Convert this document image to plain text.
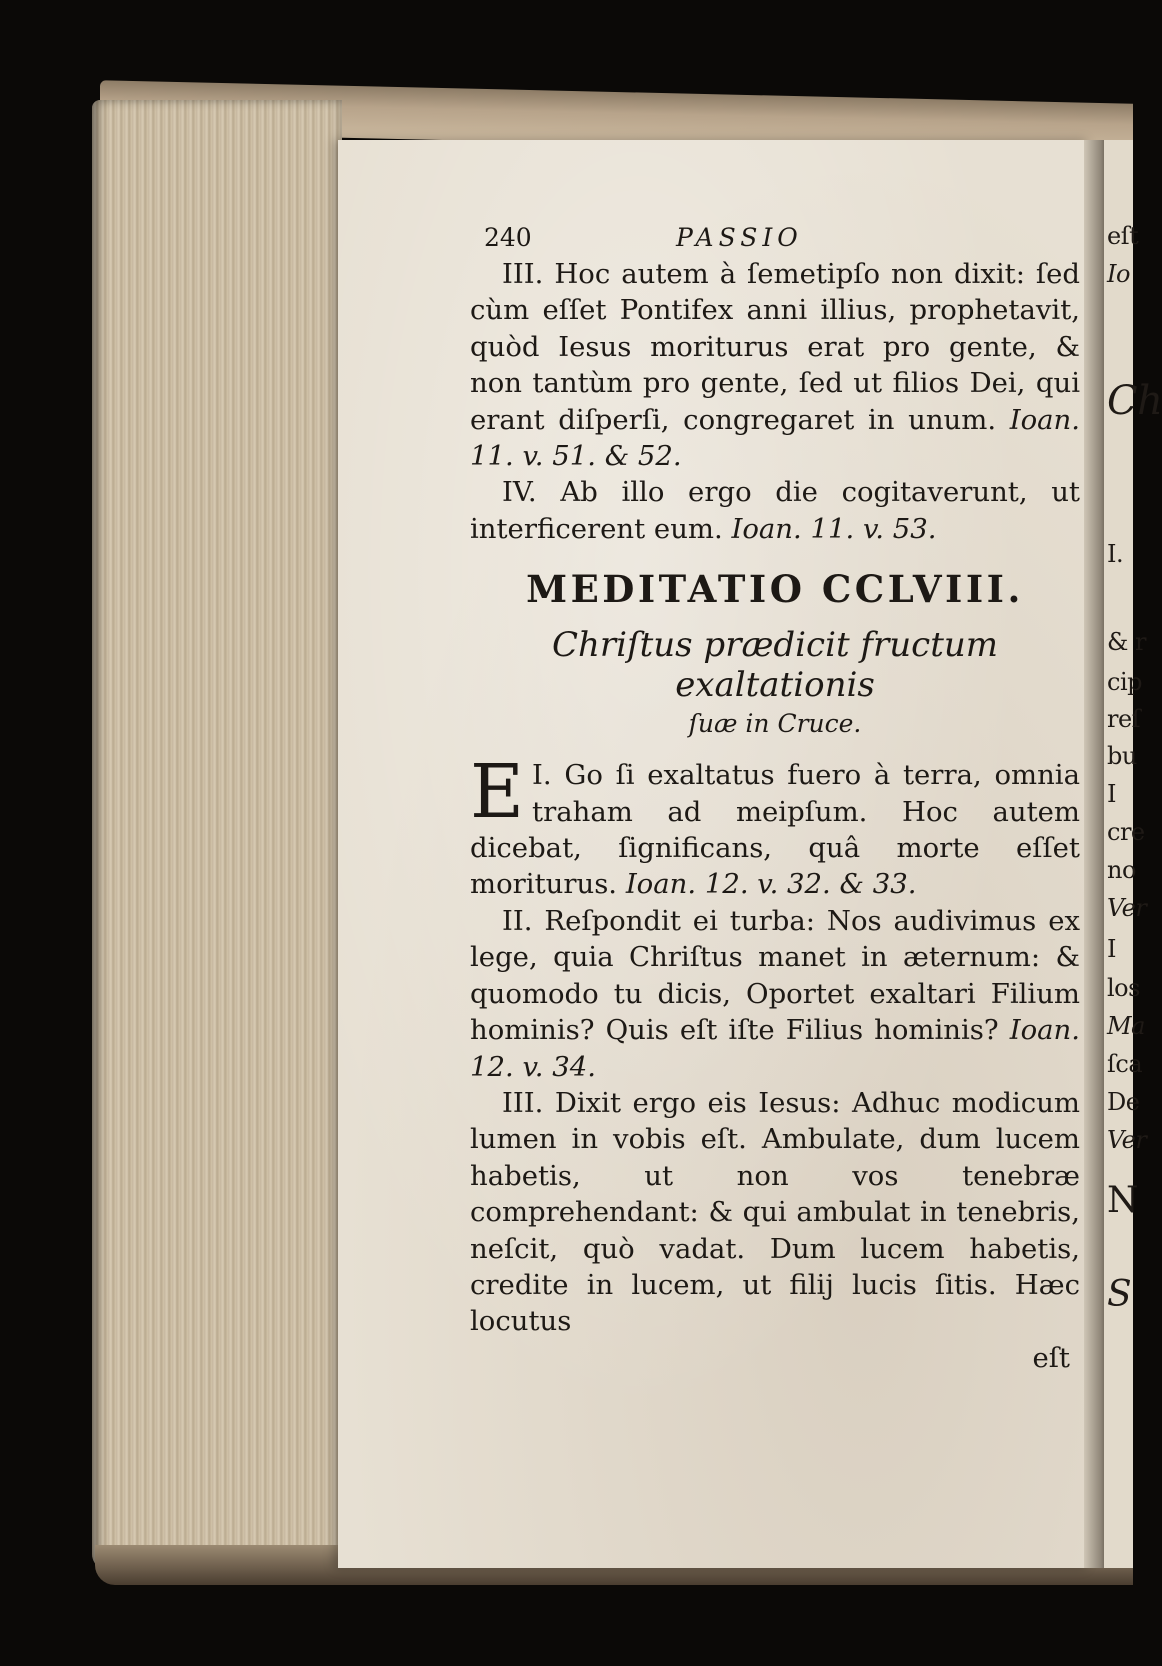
eſt
Io
Ch
I.
& r
cip
reſ
bu
I
cre
no
Ver
I
los
Ma
ſca
De
Ver
N
S
240	PASSIO

III. Hoc autem à ſemetipſo non dixit: ſed cùm eſſet Pontifex anni illius, prophetavit, quòd Iesus moriturus erat pro gente, & non tantùm pro gente, ſed ut filios Dei, qui erant diſperſi, congregaret in unum. Ioan. 11. v. 51. & 52.

IV. Ab illo ergo die cogitaverunt, ut interficerent eum. Ioan. 11. v. 53.

MEDITATIO CCLVIII.
Chriſtus prædicit fructum exaltationis
ſuæ in Cruce.

I.
E Go ſi exaltatus fuero à terra, omnia traham ad meipſum. Hoc autem dicebat, ſignificans, quâ morte eſſet moriturus. Ioan. 12. v. 32. & 33.

II. Reſpondit ei turba: Nos audivimus ex lege, quia Chriſtus manet in æternum: & quomodo tu dicis, Oportet exaltari Filium hominis? Quis eſt iſte Filius hominis? Ioan. 12. v. 34.

III. Dixit ergo eis Iesus: Adhuc modicum lumen in vobis eſt. Ambulate, dum lucem habetis, ut non vos tenebræ comprehendant: & qui ambulat in tenebris, neſcit, quò vadat. Dum lucem habetis, credite in lucem, ut filij lucis ſitis. Hæc locutus

eſt
